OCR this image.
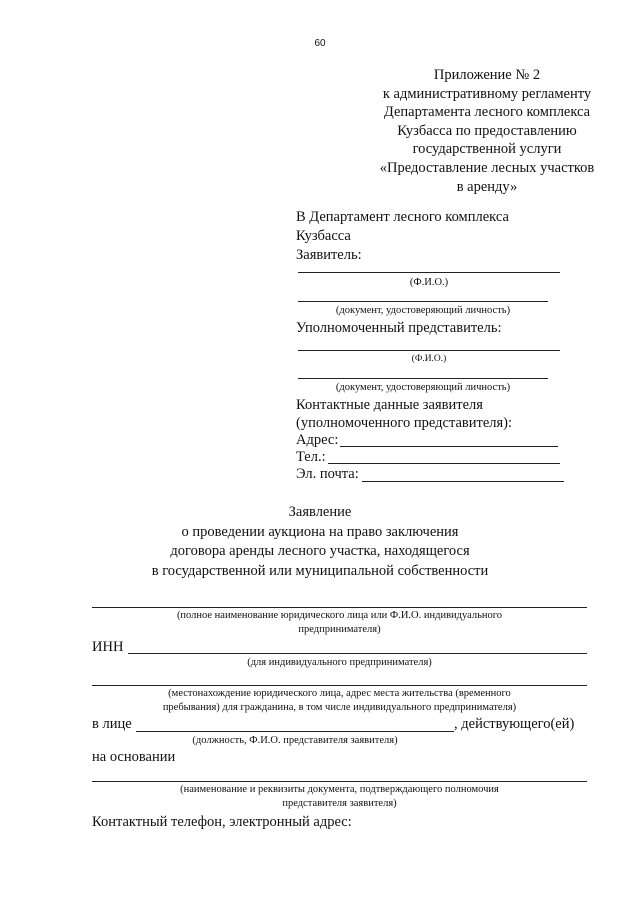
60
Приложение № 2
к административному регламенту
Департамента лесного комплекса
Кузбасса по предоставлению
государственной услуги
«Предоставление лесных участков
в аренду»
В Департамент лесного комплекса
Кузбасса
Заявитель:
(Ф.И.О.)
(документ, удостоверяющий личность)
Уполномоченный представитель:
(Ф.И.О.)
(документ, удостоверяющий личность)
Контактные данные заявителя
(уполномоченного представителя):
Адрес:
Тел.:
Эл. почта:
Заявление
о проведении аукциона на право заключения
договора аренды лесного участка, находящегося
в государственной или муниципальной собственности
(полное наименование юридического лица или Ф.И.О. индивидуального
предпринимателя)
ИНН
(для индивидуального предпринимателя)
(местонахождение юридического лица, адрес места жительства (временного
пребывания) для гражданина, в том числе индивидуального предпринимателя)
в лице	, действующего(ей)
(должность, Ф.И.О. представителя заявителя)
на основании
(наименование и реквизиты документа, подтверждающего полномочия
представителя заявителя)
Контактный телефон, электронный адрес:
